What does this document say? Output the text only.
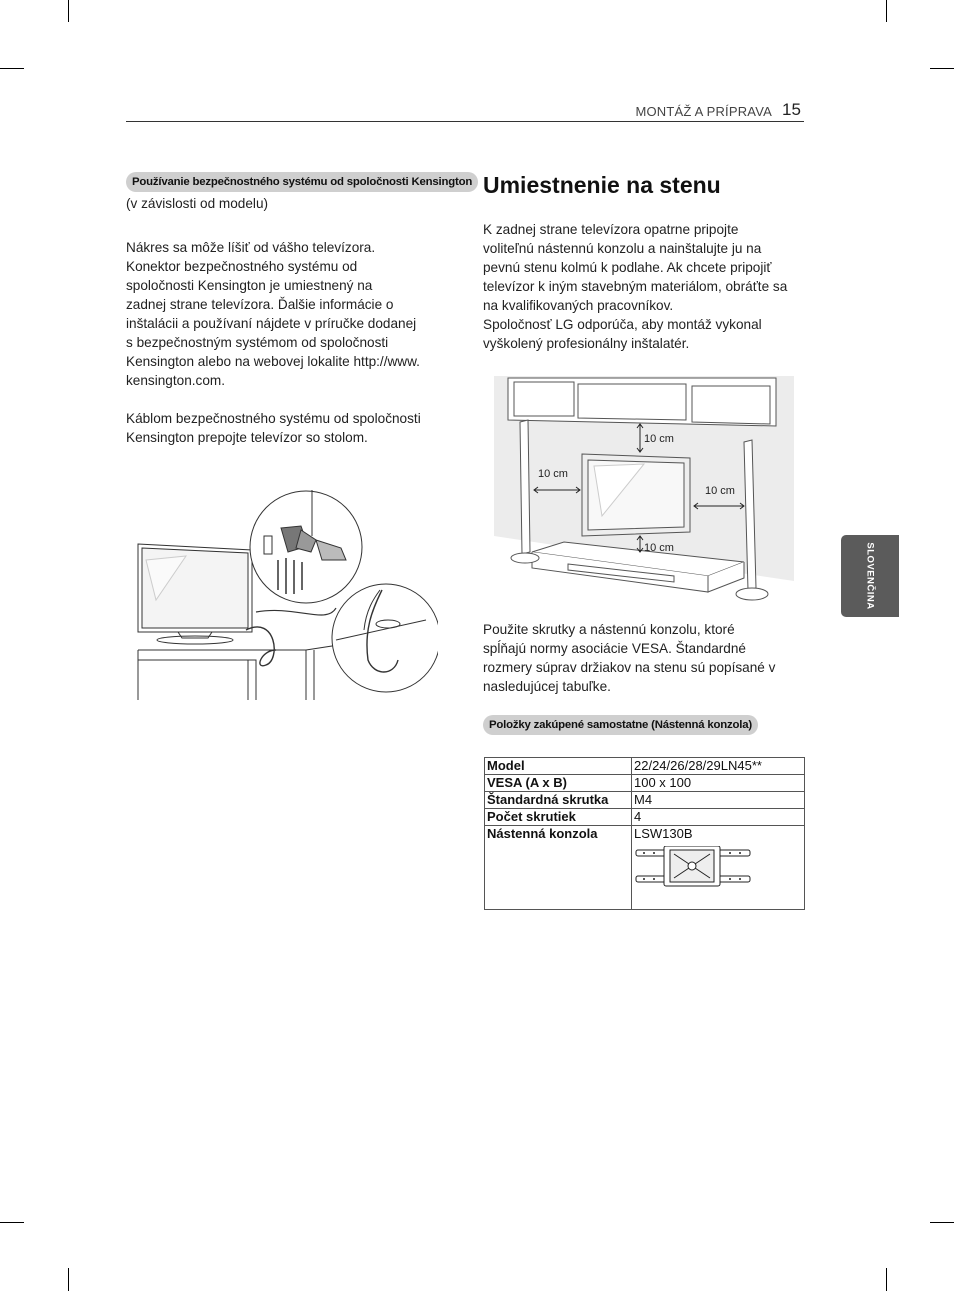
MONTÁŽ A PRÍPRAVA 15
SLOVENČINA
Používanie bezpečnostného systému od spoločnosti Kensington
(v závislosti od modelu)
Nákres sa môže líšiť od vášho televízora.
Konektor bezpečnostného systému od
spoločnosti Kensington je umiestnený na
zadnej strane televízora. Ďalšie informácie o
inštalácii a používaní nájdete v príručke dodanej
s bezpečnostným systémom od spoločnosti
Kensington alebo na webovej lokalite http://www.
kensington.com.
Káblom bezpečnostného systému od spoločnosti
Kensington prepojte televízor so stolom.
Umiestnenie na stenu
K zadnej strane televízora opatrne pripojte
voliteľnú nástennú konzolu a nainštalujte ju na
pevnú stenu kolmú k podlahe. Ak chcete pripojiť
televízor k iným stavebným materiálom, obráťte sa
na kvalifikovaných pracovníkov.
Spoločnosť LG odporúča, aby montáž vykonal
vyškolený profesionálny inštalatér.
10 cm
10 cm
10 cm
10 cm
Použite skrutky a nástennú konzolu, ktoré
spĺňajú normy asociácie VESA. Štandardné
rozmery súprav držiakov na stenu sú popísané v
nasledujúcej tabuľke.
Položky zakúpené samostatne (Nástenná konzola)
Model	22/24/26/28/29LN45**
VESA (A x B)	100 x 100
Štandardná skrutka	M4
Počet skrutiek	4
Nástenná konzola	LSW130B
